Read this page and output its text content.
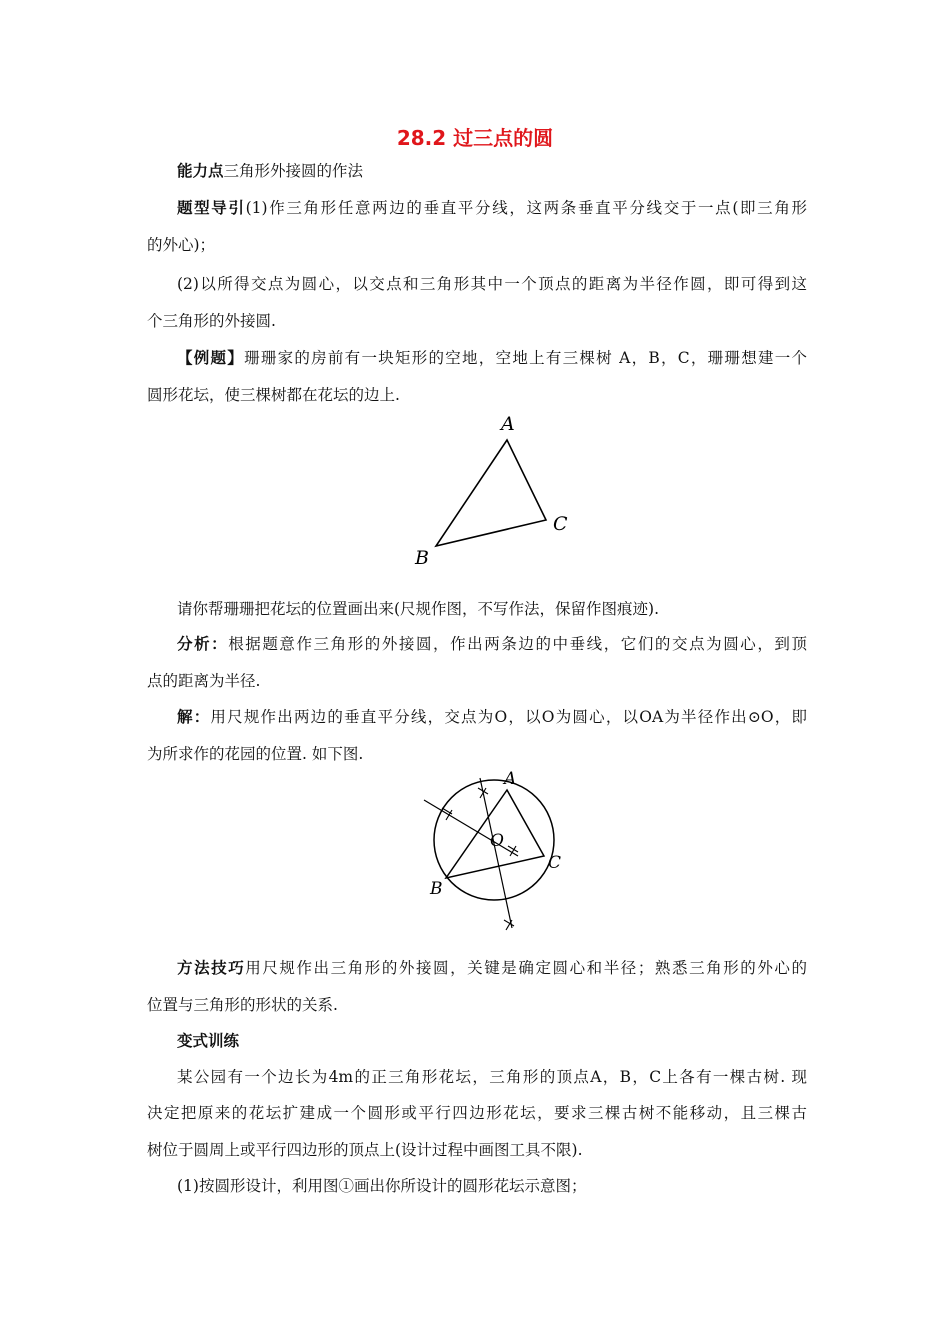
28.2 过三点的圆
能力点三角形外接圆的作法
题型导引(1)作三角形任意两边的垂直平分线，这两条垂直平分线交于一点(即三角形
的外心)；
(2)以所得交点为圆心，以交点和三角形其中一个顶点的距离为半径作圆，即可得到这
个三角形的外接圆.
【例题】珊珊家的房前有一块矩形的空地，空地上有三棵树 A，B，C，珊珊想建一个
圆形花坛，使三棵树都在花坛的边上.
A
C
B
请你帮珊珊把花坛的位置画出来(尺规作图，不写作法，保留作图痕迹).
分析：根据题意作三角形的外接圆，作出两条边的中垂线，它们的交点为圆心，到顶
点的距离为半径.
解：用尺规作出两边的垂直平分线，交点为O，以O为圆心，以OA为半径作出⊙O，即
为所求作的花园的位置. 如下图.
A
O
C
B
方法技巧用尺规作出三角形的外接圆，关键是确定圆心和半径；熟悉三角形的外心的
位置与三角形的形状的关系.
变式训练
某公园有一个边长为4m的正三角形花坛，三角形的顶点A，B，C上各有一棵古树. 现
决定把原来的花坛扩建成一个圆形或平行四边形花坛，要求三棵古树不能移动，且三棵古
树位于圆周上或平行四边形的顶点上(设计过程中画图工具不限).
(1)按圆形设计，利用图①画出你所设计的圆形花坛示意图；
